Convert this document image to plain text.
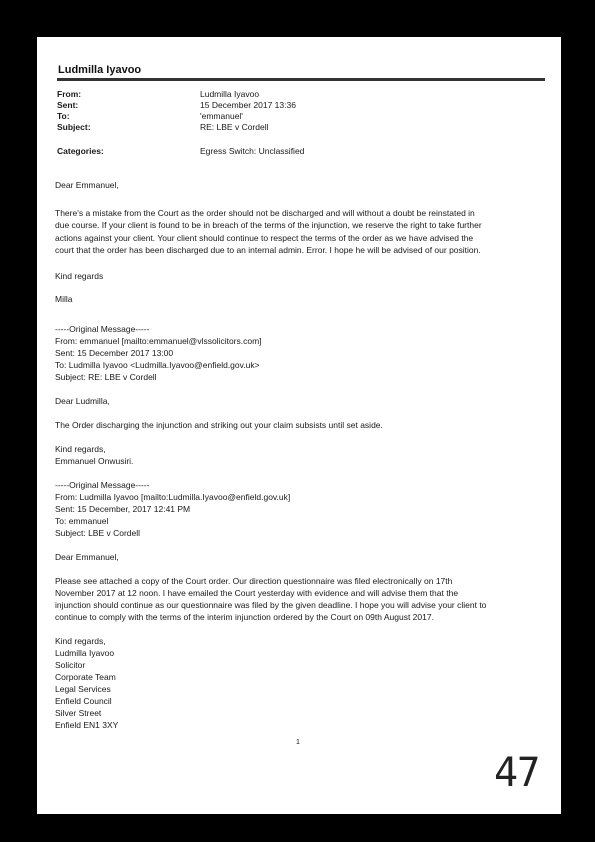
Ludmilla Iyavoo
From:	Ludmilla Iyavoo
Sent:	15 December 2017 13:36
To:	'emmanuel'
Subject:	RE: LBE v Cordell
Categories:	Egress Switch: Unclassified
Dear Emmanuel,
There's a mistake from the Court as the order should not be discharged and will without a doubt be reinstated in
due course. If your client is found to be in breach of the terms of the injunction, we reserve the right to take further
actions against your client. Your client should continue to respect the terms of the order as we have advised the
court that the order has been discharged due to an internal admin. Error. I hope he will be advised of our position.
Kind regards
Milla
-----Original Message-----
From: emmanuel [mailto:emmanuel@vlssolicitors.com]
Sent: 15 December 2017 13:00
To: Ludmilla Iyavoo <Ludmilla.Iyavoo@enfield.gov.uk>
Subject: RE: LBE v Cordell
Dear Ludmilla,
The Order discharging the injunction and striking out your claim subsists until set aside.
Kind regards,
Emmanuel Onwusiri.
-----Original Message-----
From: Ludmilla Iyavoo [mailto:Ludmilla.Iyavoo@enfield.gov.uk]
Sent: 15 December, 2017 12:41 PM
To: emmanuel
Subject: LBE v Cordell
Dear Emmanuel,
Please see attached a copy of the Court order. Our direction questionnaire was filed electronically on 17th
November 2017 at 12 noon. I have emailed the Court yesterday with evidence and will advise them that the
injunction should continue as our questionnaire was filed by the given deadline. I hope you will advise your client to
continue to comply with the terms of the interim injunction ordered by the Court on 09th August 2017.
Kind regards,
Ludmilla Iyavoo
Solicitor
Corporate Team
Legal Services
Enfield Council
Silver Street
Enfield EN1 3XY
1
47
